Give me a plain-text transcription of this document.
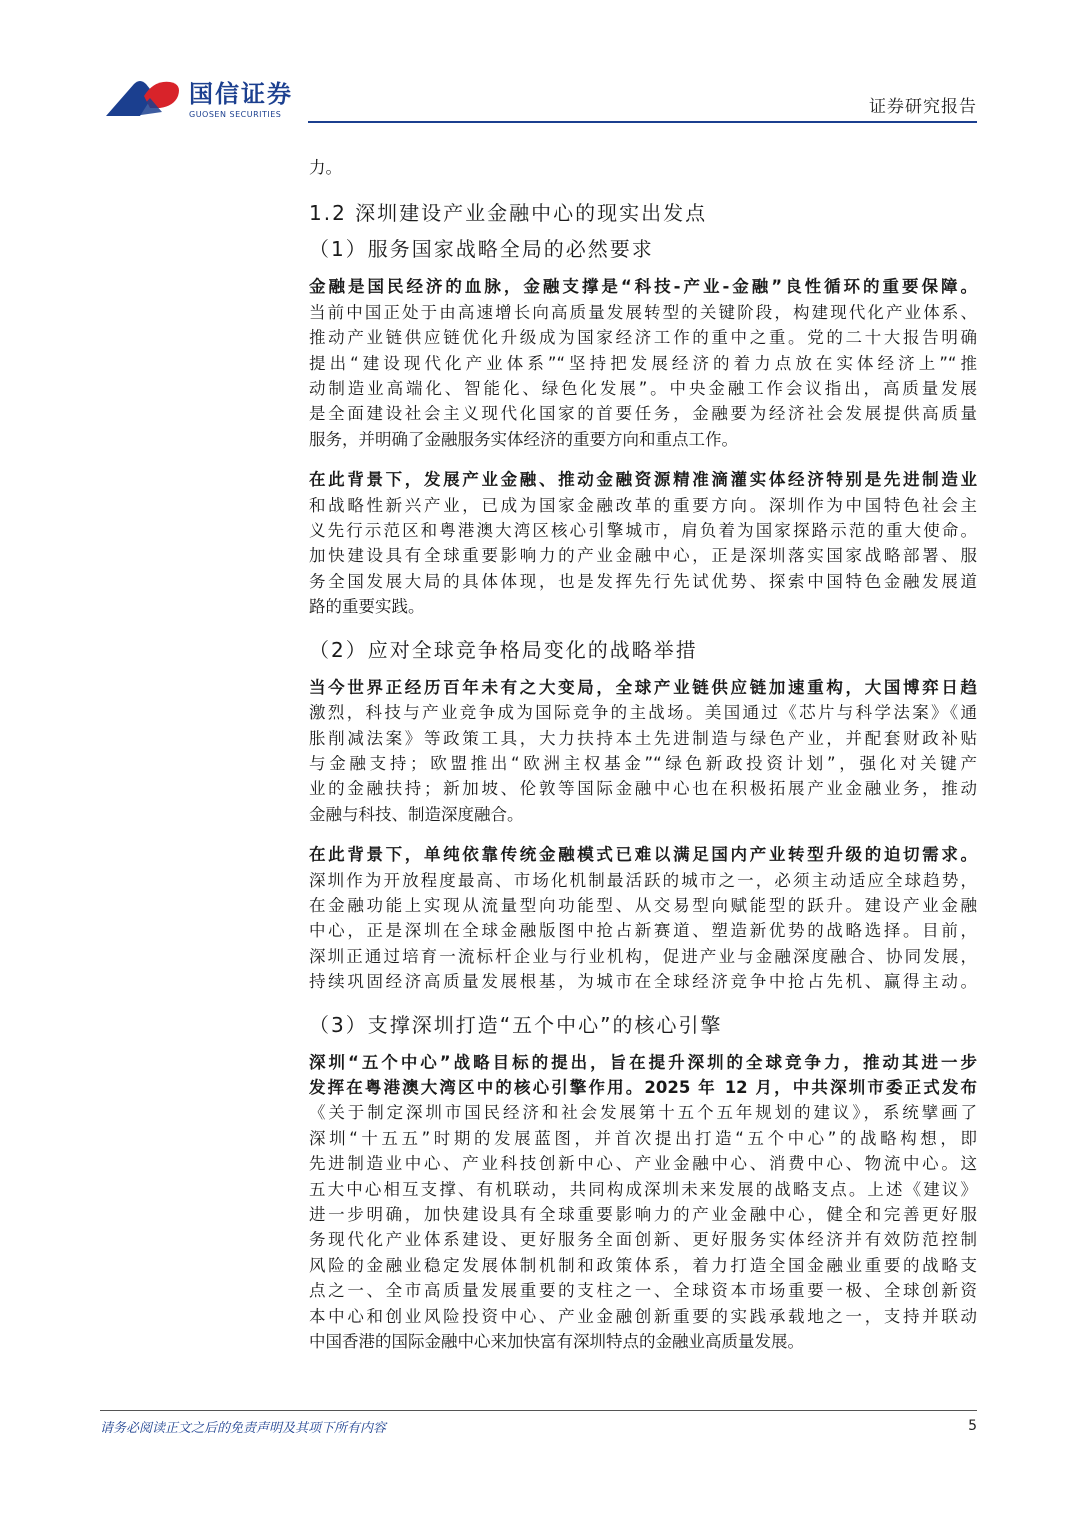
国信证券
GUOSEN SECURITIES	证券研究报告
力。
1.2 深圳建设产业金融中心的现实出发点
（1）服务国家战略全局的必然要求
金融是国民经济的血脉，金融支撑是“科技-产业-金融”良性循环的重要保障。
当前中国正处于由高速增长向高质量发展转型的关键阶段，构建现代化产业体系、
推动产业链供应链优化升级成为国家经济工作的重中之重。党的二十大报告明确
提出“建设现代化产业体系”“坚持把发展经济的着力点放在实体经济上”“推
动制造业高端化、智能化、绿色化发展”。中央金融工作会议指出，高质量发展
是全面建设社会主义现代化国家的首要任务，金融要为经济社会发展提供高质量
服务，并明确了金融服务实体经济的重要方向和重点工作。
在此背景下，发展产业金融、推动金融资源精准滴灌实体经济特别是先进制造业
和战略性新兴产业，已成为国家金融改革的重要方向。深圳作为中国特色社会主
义先行示范区和粤港澳大湾区核心引擎城市，肩负着为国家探路示范的重大使命。
加快建设具有全球重要影响力的产业金融中心，正是深圳落实国家战略部署、服
务全国发展大局的具体体现，也是发挥先行先试优势、探索中国特色金融发展道
路的重要实践。
（2）应对全球竞争格局变化的战略举措
当今世界正经历百年未有之大变局，全球产业链供应链加速重构，大国博弈日趋
激烈，科技与产业竞争成为国际竞争的主战场。美国通过《芯片与科学法案》《通
胀削减法案》等政策工具，大力扶持本土先进制造与绿色产业，并配套财政补贴
与金融支持；欧盟推出“欧洲主权基金”“绿色新政投资计划”，强化对关键产
业的金融扶持；新加坡、伦敦等国际金融中心也在积极拓展产业金融业务，推动
金融与科技、制造深度融合。
在此背景下，单纯依靠传统金融模式已难以满足国内产业转型升级的迫切需求。
深圳作为开放程度最高、市场化机制最活跃的城市之一，必须主动适应全球趋势，
在金融功能上实现从流量型向功能型、从交易型向赋能型的跃升。建设产业金融
中心，正是深圳在全球金融版图中抢占新赛道、塑造新优势的战略选择。目前，
深圳正通过培育一流标杆企业与行业机构，促进产业与金融深度融合、协同发展，
持续巩固经济高质量发展根基，为城市在全球经济竞争中抢占先机、赢得主动。
（3）支撑深圳打造“五个中心”的核心引擎
深圳“五个中心”战略目标的提出，旨在提升深圳的全球竞争力，推动其进一步
发挥在粤港澳大湾区中的核心引擎作用。2025 年 12 月，中共深圳市委正式发布
《关于制定深圳市国民经济和社会发展第十五个五年规划的建议》，系统擘画了
深圳“十五五”时期的发展蓝图，并首次提出打造“五个中心”的战略构想，即
先进制造业中心、产业科技创新中心、产业金融中心、消费中心、物流中心。这
五大中心相互支撑、有机联动，共同构成深圳未来发展的战略支点。上述《建议》
进一步明确，加快建设具有全球重要影响力的产业金融中心，健全和完善更好服
务现代化产业体系建设、更好服务全面创新、更好服务实体经济并有效防范控制
风险的金融业稳定发展体制机制和政策体系，着力打造全国金融业重要的战略支
点之一、全市高质量发展重要的支柱之一、全球资本市场重要一极、全球创新资
本中心和创业风险投资中心、产业金融创新重要的实践承载地之一，支持并联动
中国香港的国际金融中心来加快富有深圳特点的金融业高质量发展。
请务必阅读正文之后的免责声明及其项下所有内容	5
